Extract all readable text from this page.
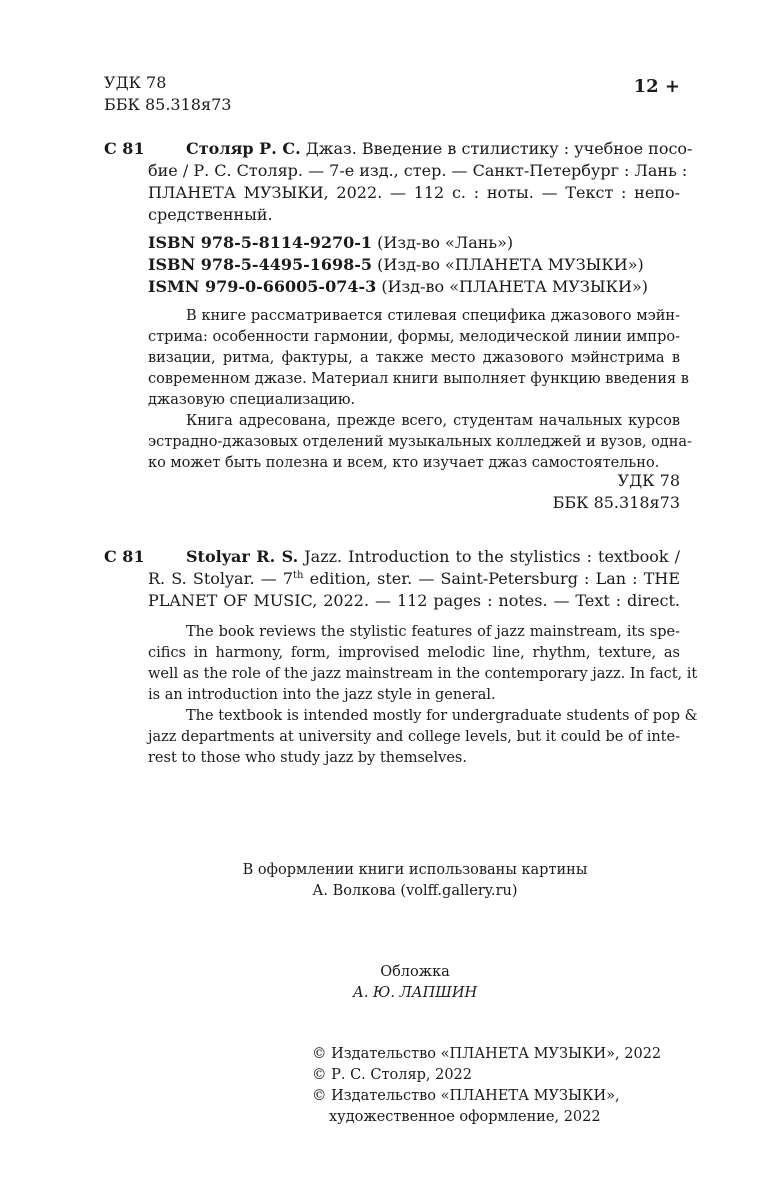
УДК 78
ББК 85.318я73
12 +
С 81	Столяр Р. С. Джаз. Введение в стилистику : учебное посо-
бие / Р. С. Столяр. — 7-е изд., стер. — Санкт-Петербург : Лань :
ПЛАНЕТА МУЗЫКИ, 2022. — 112 с. : ноты. — Текст : непо-
средственный.
ISBN 978-5-8114-9270-1 (Изд-во «Лань»)
ISBN 978-5-4495-1698-5 (Изд-во «ПЛАНЕТА МУЗЫКИ»)
ISMN 979-0-66005-074-3 (Изд-во «ПЛАНЕТА МУЗЫКИ»)
В книге рассматривается стилевая специфика джазового мэйн-
стрима: особенности гармонии, формы, мелодической линии импро-
визации, ритма, фактуры, а также место джазового мэйнстрима в
современном джазе. Материал книги выполняет функцию введения в
джазовую специализацию.
Книга адресована, прежде всего, студентам начальных курсов
эстрадно-джазовых отделений музыкальных колледжей и вузов, одна-
ко может быть полезна и всем, кто изучает джаз самостоятельно.
УДК 78
ББК 85.318я73
С 81	Stolyar R. S. Jazz. Introduction to the stylistics : textbook /
R. S. Stolyar. — 7th edition, ster. — Saint-Petersburg : Lan : THE
PLANET OF MUSIC, 2022. — 112 pages : notes. — Text : direct.
The book reviews the stylistic features of jazz mainstream, its spe-
cifics in harmony, form, improvised melodic line, rhythm, texture, as
well as the role of the jazz mainstream in the contemporary jazz. In fact, it
is an introduction into the jazz style in general.
The textbook is intended mostly for undergraduate students of pop &
jazz departments at university and college levels, but it could be of inte-
rest to those who study jazz by themselves.
В оформлении книги использованы картины
А. Волкова (volff.gallery.ru)
Обложка
А. Ю. ЛАПШИН
© Издательство «ПЛАНЕТА МУЗЫКИ», 2022
© Р. С. Столяр, 2022
© Издательство «ПЛАНЕТА МУЗЫКИ»,
художественное оформление, 2022
